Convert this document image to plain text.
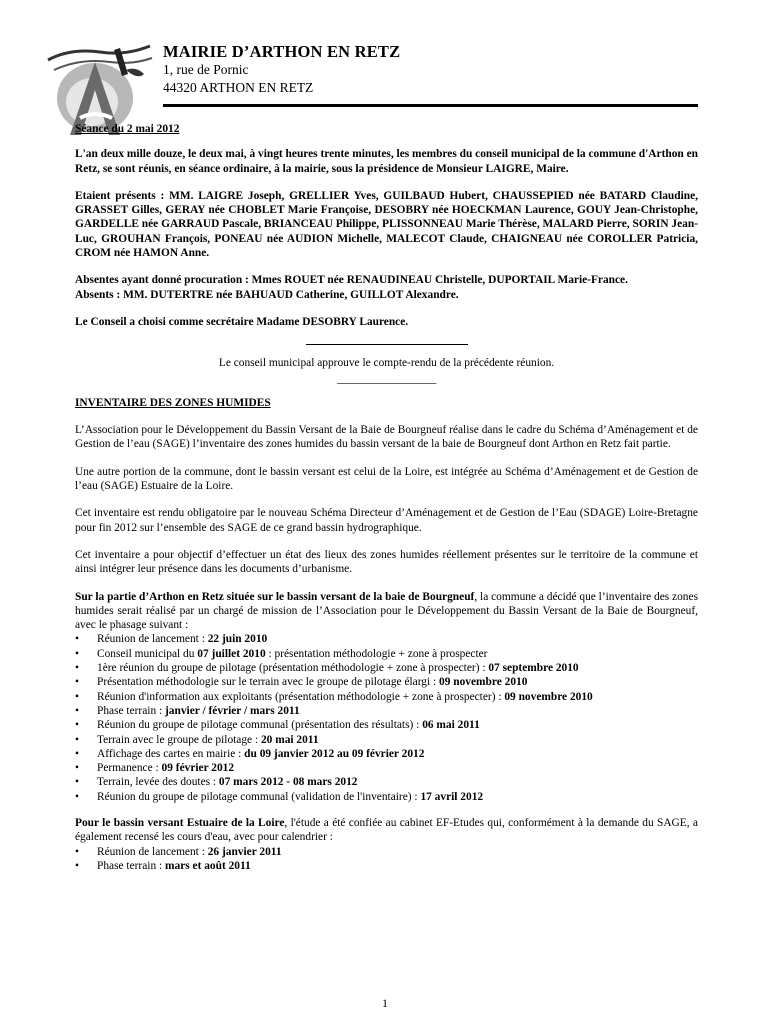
MAIRIE D’ARTHON EN RETZ
1, rue de Pornic
44320 ARTHON EN RETZ

Séance du 2 mai 2012

L'an deux mille douze, le deux mai, à vingt heures trente minutes, les membres du conseil municipal de la commune d'Arthon en Retz, se sont réunis, en séance ordinaire, à la mairie, sous la présidence de Monsieur LAIGRE, Maire.

Etaient présents : MM. LAIGRE Joseph, GRELLIER Yves, GUILBAUD Hubert, CHAUSSEPIED née BATARD Claudine, GRASSET Gilles, GERAY née CHOBLET Marie Françoise, DESOBRY née HOECKMAN Laurence, GOUY Jean-Christophe, GARDELLE née GARRAUD Pascale, BRIANCEAU Philippe, PLISSONNEAU Marie Thérèse, MALARD Pierre, SORIN Jean-Luc, GROUHAN François, PONEAU née AUDION Michelle, MALECOT Claude, CHAIGNEAU née COROLLER Patricia, CROM née HAMON Anne.

Absentes ayant donné procuration : Mmes ROUET née RENAUDINEAU Christelle, DUPORTAIL Marie-France.

Absents : MM. DUTERTRE née BAHUAUD Catherine, GUILLOT Alexandre.

Le Conseil a choisi comme secrétaire Madame DESOBRY Laurence.

Le conseil municipal approuve le compte-rendu de la précédente réunion.

___________________

INVENTAIRE DES ZONES HUMIDES

L’Association pour le Développement du Bassin Versant de la Baie de Bourgneuf réalise dans le cadre du Schéma d’Aménagement et de Gestion de l’eau (SAGE) l’inventaire des zones humides du bassin versant de la baie de Bourgneuf dont Arthon en Retz fait partie.

Une autre portion de la commune, dont le bassin versant est celui de la Loire, est intégrée au Schéma d’Aménagement et de Gestion de l’eau (SAGE) Estuaire de la Loire.

Cet inventaire est rendu obligatoire par le nouveau Schéma Directeur d’Aménagement et de Gestion de l’Eau (SDAGE) Loire-Bretagne pour fin 2012 sur l’ensemble des SAGE de ce grand bassin hydrographique.

Cet inventaire a pour objectif d’effectuer un état des lieux des zones humides réellement présentes sur le territoire de la commune et ainsi intégrer leur présence dans les documents d’urbanisme.

Sur la partie d’Arthon en Retz située sur le bassin versant de la baie de Bourgneuf, la commune a décidé que l’inventaire des zones humides serait réalisé par un chargé de mission de l’Association pour le Développement du Bassin Versant de la Baie de Bourgneuf, avec le phasage suivant :

• Réunion de lancement : 22 juin 2010
• Conseil municipal du 07 juillet 2010 : présentation méthodologie + zone à prospecter
• 1ère réunion du groupe de pilotage (présentation méthodologie + zone à prospecter) : 07 septembre 2010
• Présentation méthodologie sur le terrain avec le groupe de pilotage élargi : 09 novembre 2010
• Réunion d'information aux exploitants (présentation méthodologie + zone à prospecter) : 09 novembre 2010
• Phase terrain : janvier / février / mars 2011
• Réunion du groupe de pilotage communal (présentation des résultats) : 06 mai 2011
• Terrain avec le groupe de pilotage : 20 mai 2011
• Affichage des cartes en mairie : du 09 janvier 2012 au 09 février 2012
• Permanence : 09 février 2012
• Terrain, levée des doutes : 07 mars 2012 - 08 mars 2012
• Réunion du groupe de pilotage communal (validation de l'inventaire) : 17 avril 2012

Pour le bassin versant Estuaire de la Loire, l'étude a été confiée au cabinet EF-Etudes qui, conformément à la demande du SAGE, a également recensé les cours d'eau, avec pour calendrier :

• Réunion de lancement : 26 janvier 2011
• Phase terrain : mars et août 2011
1
